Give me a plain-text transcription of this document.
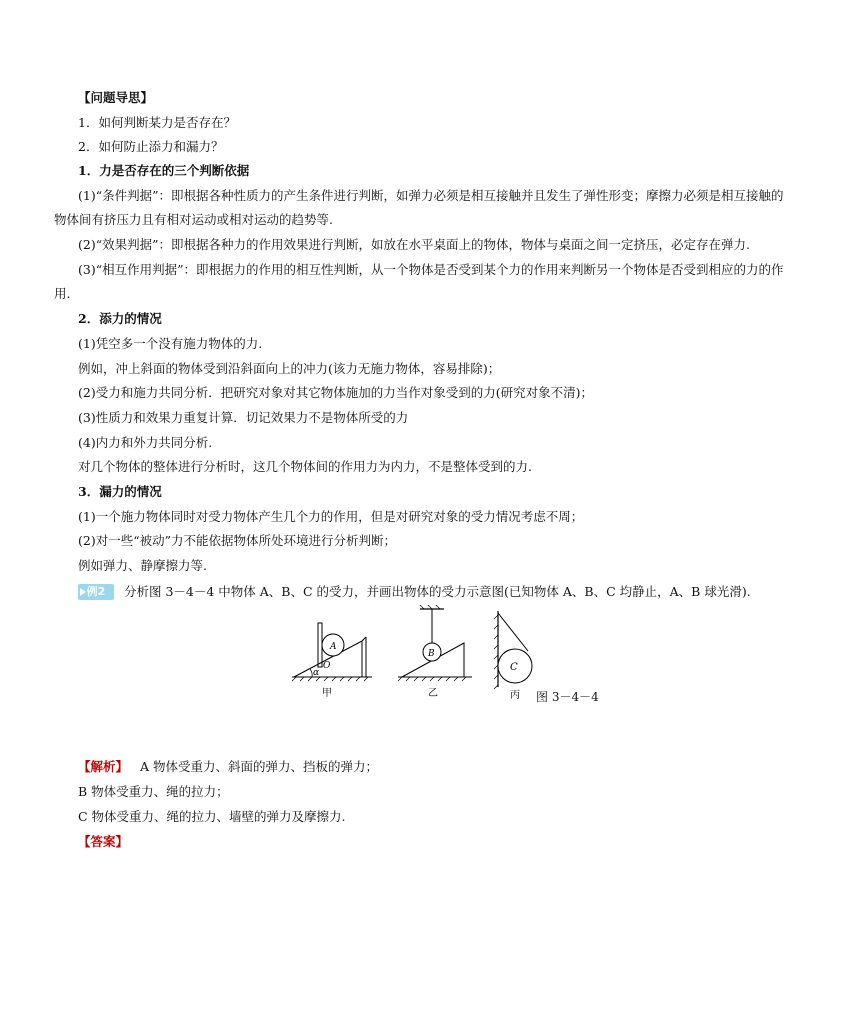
【问题导思】
1．如何判断某力是否存在？
2．如何防止添力和漏力？
1．力是否存在的三个判断依据
(1)“条件判据”：即根据各种性质力的产生条件进行判断，如弹力必须是相互接触并且发生了弹性形变；摩擦力必须是相互接触的
物体间有挤压力且有相对运动或相对运动的趋势等.
(2)“效果判据”：即根据各种力的作用效果进行判断，如放在水平桌面上的物体，物体与桌面之间一定挤压，必定存在弹力.
(3)“相互作用判据”：即根据力的作用的相互性判断，从一个物体是否受到某个力的作用来判断另一个物体是否受到相应的力的作
用.
2．添力的情况
(1)凭空多一个没有施力物体的力.
例如，冲上斜面的物体受到沿斜面向上的冲力(该力无施力物体，容易排除)；
(2)受力和施力共同分析．把研究对象对其它物体施加的力当作对象受到的力(研究对象不清)；
(3)性质力和效果力重复计算．切记效果力不是物体所受的力
(4)内力和外力共同分析.
对几个物体的整体进行分析时，这几个物体间的作用力为内力，不是整体受到的力.
3．漏力的情况
(1)一个施力物体同时对受力物体产生几个力的作用，但是对研究对象的受力情况考虑不周；
(2)对一些“被动”力不能依据物体所处环境进行分析判断；
例如弹力、静摩擦力等.
例2	分析图 3－4－4 中物体 A、B、C 的受力，并画出物体的受力示意图(已知物体 A、B、C 均静止，A、B 球光滑).
A
O
α
甲
B
乙
C
丙 图 3－4－4
【解析】 A 物体受重力、斜面的弹力、挡板的弹力；
B 物体受重力、绳的拉力；
C 物体受重力、绳的拉力、墙壁的弹力及摩擦力.
【答案】
